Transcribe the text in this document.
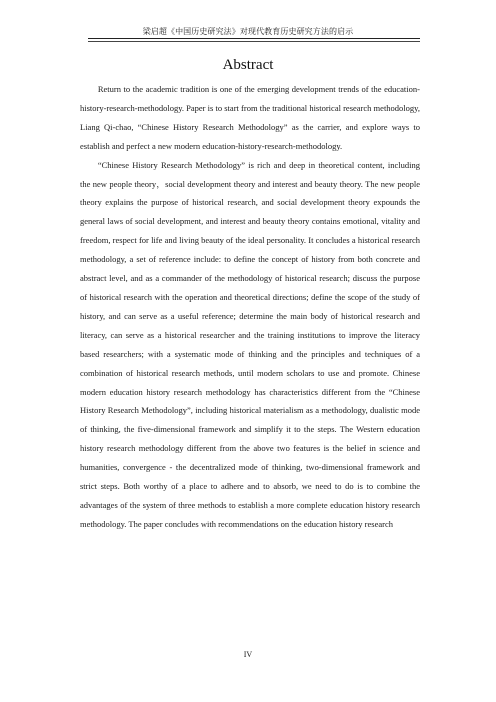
梁启超《中国历史研究法》对现代教育历史研究方法的启示
Abstract

Return to the academic tradition is one of the emerging development trends of the education-history-research-methodology. Paper is to start from the traditional historical research methodology, Liang Qi-chao, “Chinese History Research Methodology” as the carrier, and explore ways to establish and perfect a new modern education-history-research-methodology.

“Chinese History Research Methodology” is rich and deep in theoretical content, including the new people theory，social development theory and interest and beauty theory. The new people theory explains the purpose of historical research, and social development theory expounds the general laws of social development, and interest and beauty theory contains emotional, vitality and freedom, respect for life and living beauty of the ideal personality. It concludes a historical research methodology, a set of reference include: to define the concept of history from both concrete and abstract level, and as a commander of the methodology of historical research; discuss the purpose of historical research with the operation and theoretical directions; define the scope of the study of history, and can serve as a useful reference; determine the main body of historical research and literacy, can serve as a historical researcher and the training institutions to improve the literacy based researchers; with a systematic mode of thinking and the principles and techniques of a combination of historical research methods, until modern scholars to use and promote. Chinese modern education history research methodology has characteristics different from the “Chinese History Research Methodology”, including historical materialism as a methodology, dualistic mode of thinking, the five-dimensional framework and simplify it to the steps. The Western education history research methodology different from the above two features is the belief in science and humanities, convergence - the decentralized mode of thinking, two-dimensional framework and strict steps. Both worthy of a place to adhere and to absorb, we need to do is to combine the advantages of the system of three methods to establish a more complete education history research methodology. The paper concludes with recommendations on the education history research

IV
